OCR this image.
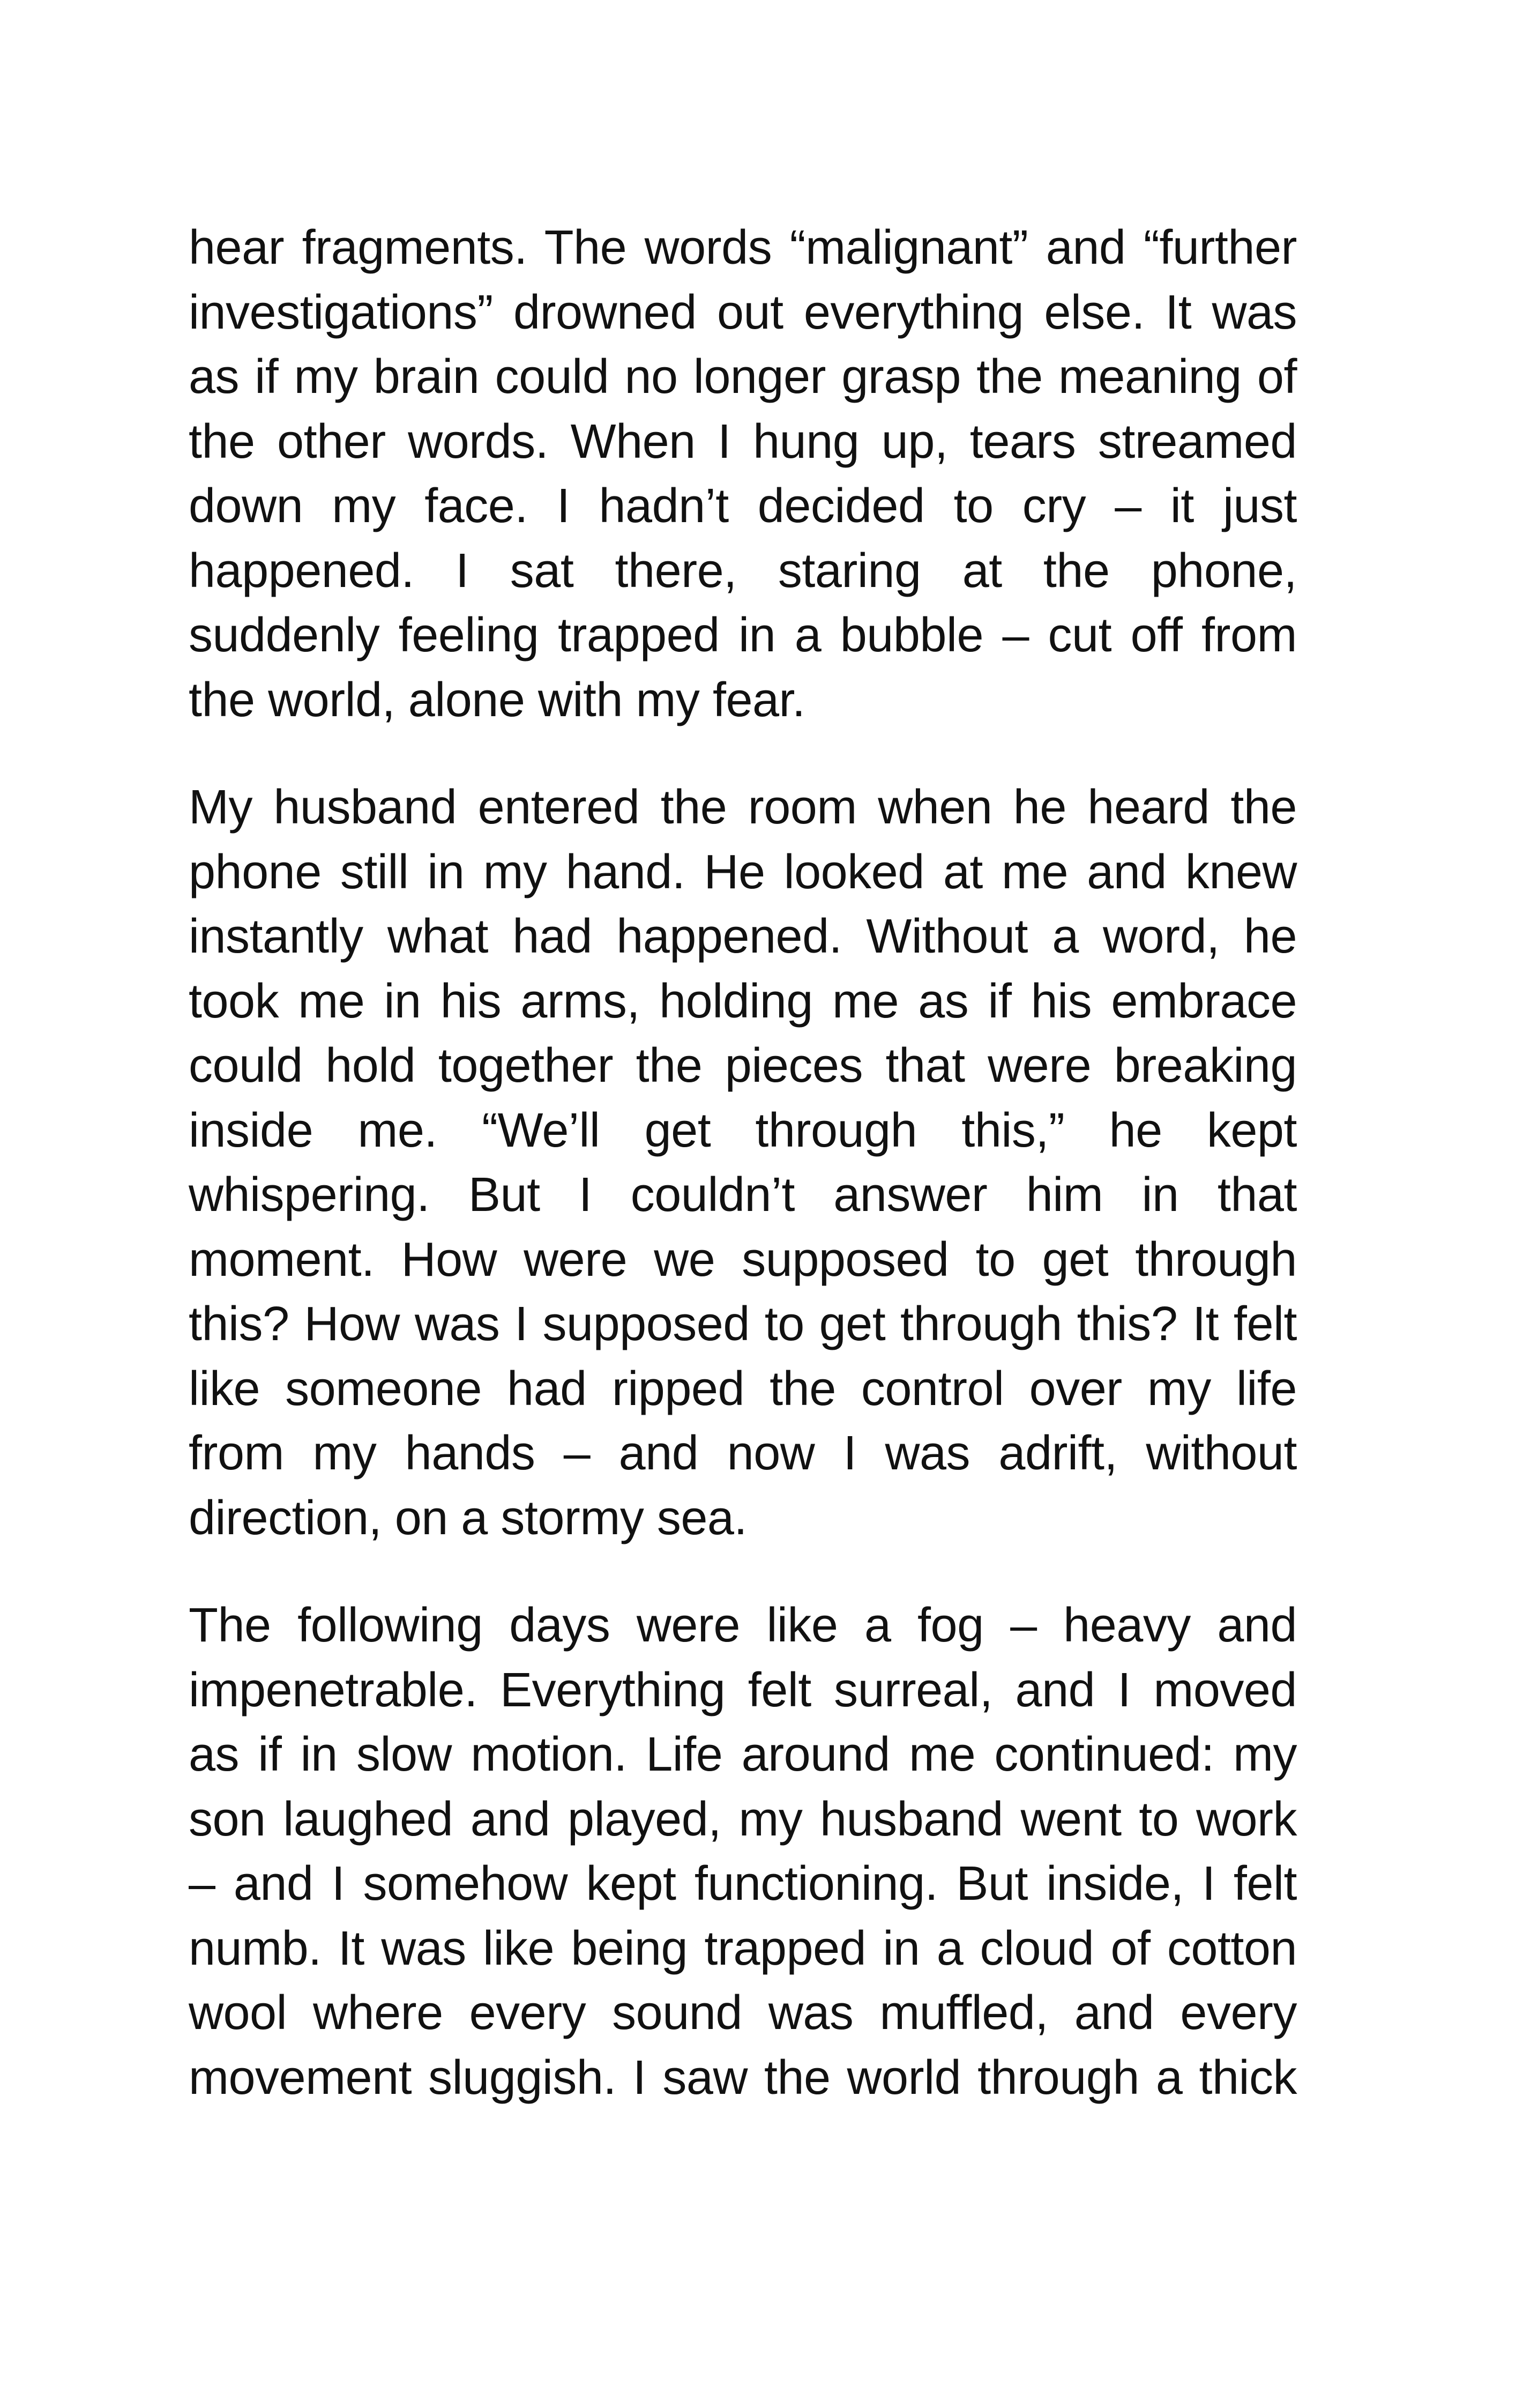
hear fragments. The words “malignant” and “further investigations” drowned out everything else. It was as if my brain could no longer grasp the meaning of the other words. When I hung up, tears streamed down my face. I hadn’t decided to cry – it just happened. I sat there, staring at the phone, suddenly feeling trapped in a bubble – cut off from the world, alone with my fear.

My husband entered the room when he heard the phone still in my hand. He looked at me and knew instantly what had happened. Without a word, he took me in his arms, holding me as if his embrace could hold together the pieces that were breaking inside me. “We’ll get through this,” he kept whispering. But I couldn’t answer him in that moment. How were we supposed to get through this? How was I supposed to get through this? It felt like someone had ripped the control over my life from my hands – and now I was adrift, without direction, on a stormy sea.

The following days were like a fog – heavy and impenetrable. Everything felt surreal, and I moved as if in slow motion. Life around me continued: my son laughed and played, my husband went to work – and I somehow kept functioning. But inside, I felt numb. It was like being trapped in a cloud of cotton wool where every sound was muffled, and every movement sluggish. I saw the world through a thick
